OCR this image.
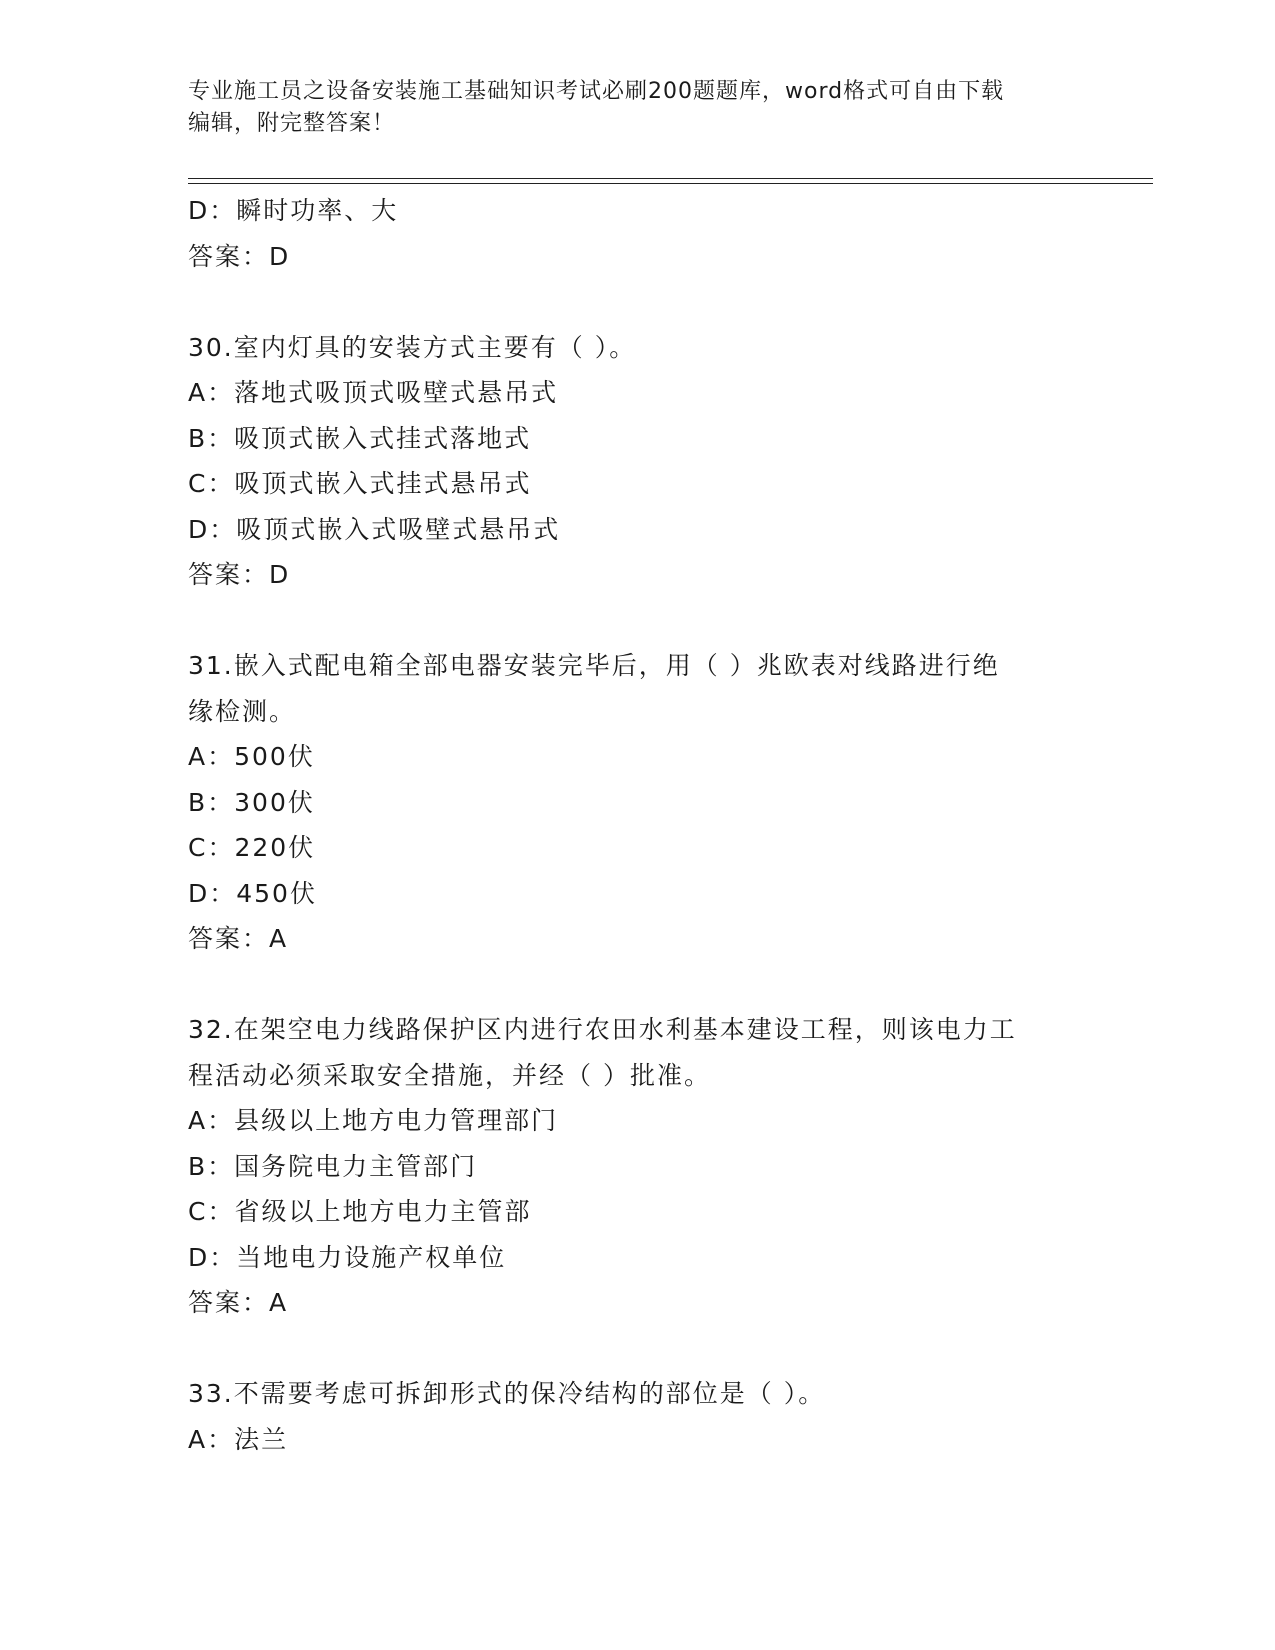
专业施工员之设备安装施工基础知识考试必刷200题题库，word格式可自由下载
编辑，附完整答案！
D：瞬时功率、大
答案：D
30.室内灯具的安装方式主要有（ ）。
A：落地式吸顶式吸壁式悬吊式
B：吸顶式嵌入式挂式落地式
C：吸顶式嵌入式挂式悬吊式
D：吸顶式嵌入式吸壁式悬吊式
答案：D
31.嵌入式配电箱全部电器安装完毕后，用（ ）兆欧表对线路进行绝
缘检测。
A：500伏
B：300伏
C：220伏
D：450伏
答案：A
32.在架空电力线路保护区内进行农田水利基本建设工程，则该电力工
程活动必须采取安全措施，并经（ ）批准。
A：县级以上地方电力管理部门
B：国务院电力主管部门
C：省级以上地方电力主管部
D：当地电力设施产权单位
答案：A
33.不需要考虑可拆卸形式的保冷结构的部位是（ ）。
A：法兰
